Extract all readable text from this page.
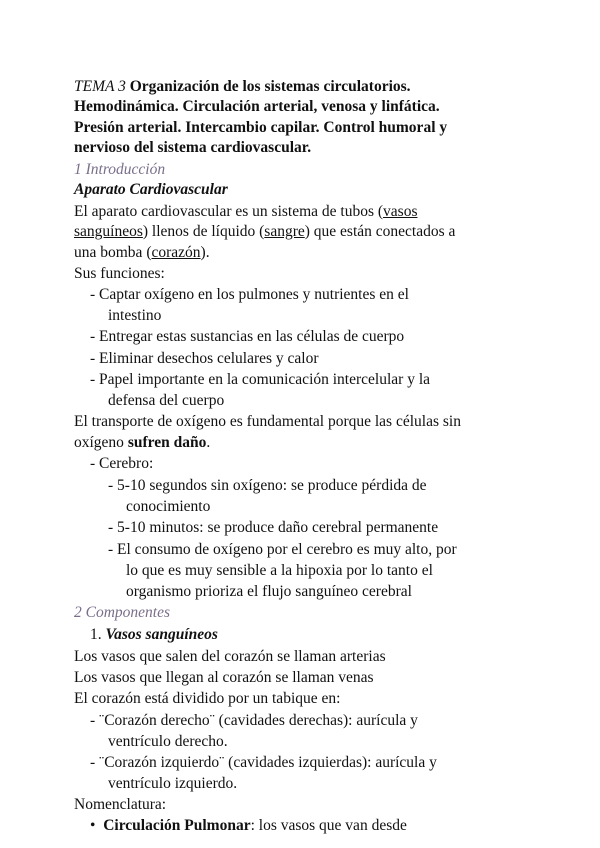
TEMA 3 Organización de los sistemas circulatorios.
Hemodinámica. Circulación arterial, venosa y linfática.
Presión arterial. Intercambio capilar. Control humoral y
nervioso del sistema cardiovascular.
1 Introducción
Aparato Cardiovascular
El aparato cardiovascular es un sistema de tubos (vasos
sanguíneos) llenos de líquido (sangre) que están conectados a
una bomba (corazón).
Sus funciones:
- Captar oxígeno en los pulmones y nutrientes en el
intestino
- Entregar estas sustancias en las células de cuerpo
- Eliminar desechos celulares y calor
- Papel importante en la comunicación intercelular y la
defensa del cuerpo
El transporte de oxígeno es fundamental porque las células sin
oxígeno sufren daño.
- Cerebro:
- 5-10 segundos sin oxígeno: se produce pérdida de
conocimiento
- 5-10 minutos: se produce daño cerebral permanente
- El consumo de oxígeno por el cerebro es muy alto, por
lo que es muy sensible a la hipoxia por lo tanto el
organismo prioriza el flujo sanguíneo cerebral
2 Componentes
1. Vasos sanguíneos
Los vasos que salen del corazón se llaman arterias
Los vasos que llegan al corazón se llaman venas
El corazón está dividido por un tabique en:
- ¨Corazón derecho¨ (cavidades derechas): aurícula y
ventrículo derecho.
- ¨Corazón izquierdo¨ (cavidades izquierdas): aurícula y
ventrículo izquierdo.
Nomenclatura:
• Circulación Pulmonar: los vasos que van desde
